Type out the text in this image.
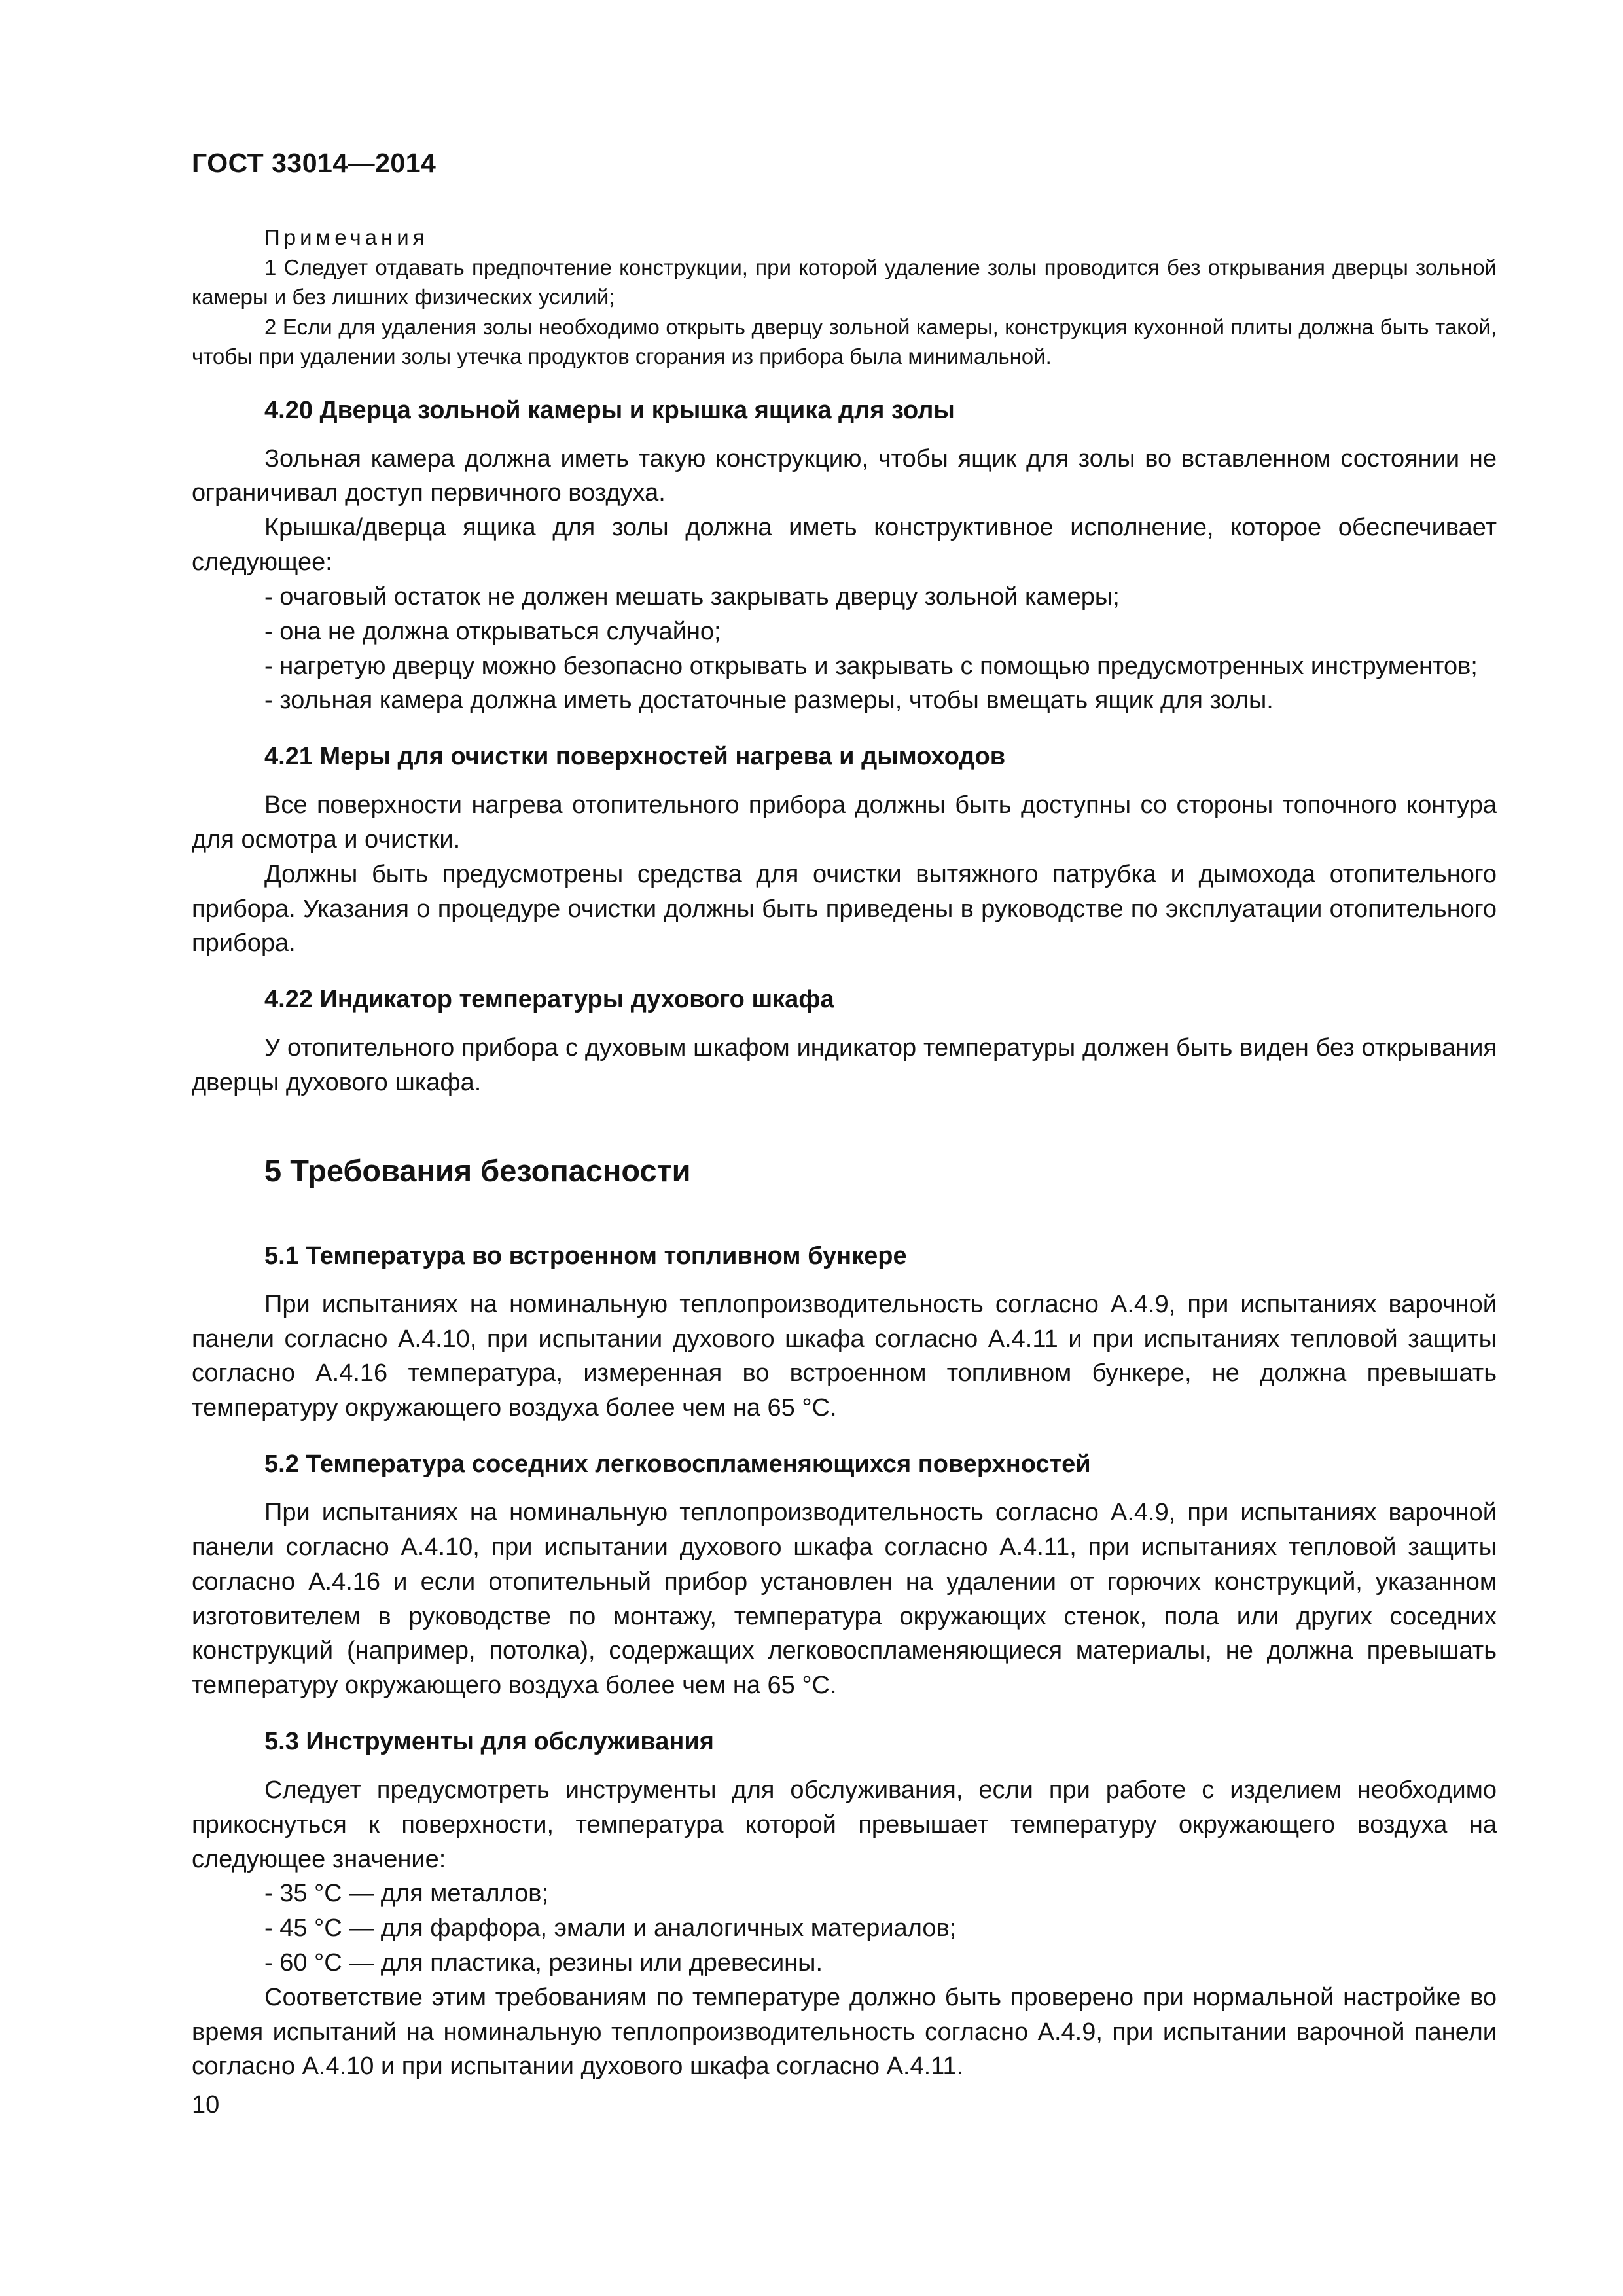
ГОСТ 33014—2014

Примечания

1 Следует отдавать предпочтение конструкции, при которой удаление золы проводится без открывания дверцы зольной камеры и без лишних физических усилий;

2 Если для удаления золы необходимо открыть дверцу зольной камеры, конструкция кухонной плиты должна быть такой, чтобы при удалении золы утечка продуктов сгорания из прибора была минимальной.

4.20 Дверца зольной камеры и крышка ящика для золы

Зольная камера должна иметь такую конструкцию, чтобы ящик для золы во вставленном состоянии не ограничивал доступ первичного воздуха.

Крышка/дверца ящика для золы должна иметь конструктивное исполнение, которое обеспечивает следующее:

- очаговый остаток не должен мешать закрывать дверцу зольной камеры;

- она не должна открываться случайно;

- нагретую дверцу можно безопасно открывать и закрывать с помощью предусмотренных инструментов;

- зольная камера должна иметь достаточные размеры, чтобы вмещать ящик для золы.

4.21 Меры для очистки поверхностей нагрева и дымоходов

Все поверхности нагрева отопительного прибора должны быть доступны со стороны топочного контура для осмотра и очистки.

Должны быть предусмотрены средства для очистки вытяжного патрубка и дымохода отопительного прибора. Указания о процедуре очистки должны быть приведены в руководстве по эксплуатации отопительного прибора.

4.22 Индикатор температуры духового шкафа

У отопительного прибора с духовым шкафом индикатор температуры должен быть виден без открывания дверцы духового шкафа.

5 Требования безопасности

5.1 Температура во встроенном топливном бункере

При испытаниях на номинальную теплопроизводительность согласно А.4.9, при испытаниях варочной панели согласно А.4.10, при испытании духового шкафа согласно А.4.11 и при испытаниях тепловой защиты согласно А.4.16 температура, измеренная во встроенном топливном бункере, не должна превышать температуру окружающего воздуха более чем на 65 °С.

5.2 Температура соседних легковоспламеняющихся поверхностей

При испытаниях на номинальную теплопроизводительность согласно А.4.9, при испытаниях варочной панели согласно А.4.10, при испытании духового шкафа согласно А.4.11, при испытаниях тепловой защиты согласно А.4.16 и если отопительный прибор установлен на удалении от горючих конструкций, указанном изготовителем в руководстве по монтажу, температура окружающих стенок, пола или других соседних конструкций (например, потолка), содержащих легковоспламеняющиеся материалы, не должна превышать температуру окружающего воздуха более чем на 65 °С.

5.3 Инструменты для обслуживания

Следует предусмотреть инструменты для обслуживания, если при работе с изделием необходимо прикоснуться к поверхности, температура которой превышает температуру окружающего воздуха на следующее значение:

- 35 °С — для металлов;

- 45 °С — для фарфора, эмали и аналогичных материалов;

- 60 °С — для пластика, резины или древесины.

Соответствие этим требованиям по температуре должно быть проверено при нормальной настройке во время испытаний на номинальную теплопроизводительность согласно А.4.9, при испытании варочной панели согласно А.4.10 и при испытании духового шкафа согласно А.4.11.

10
